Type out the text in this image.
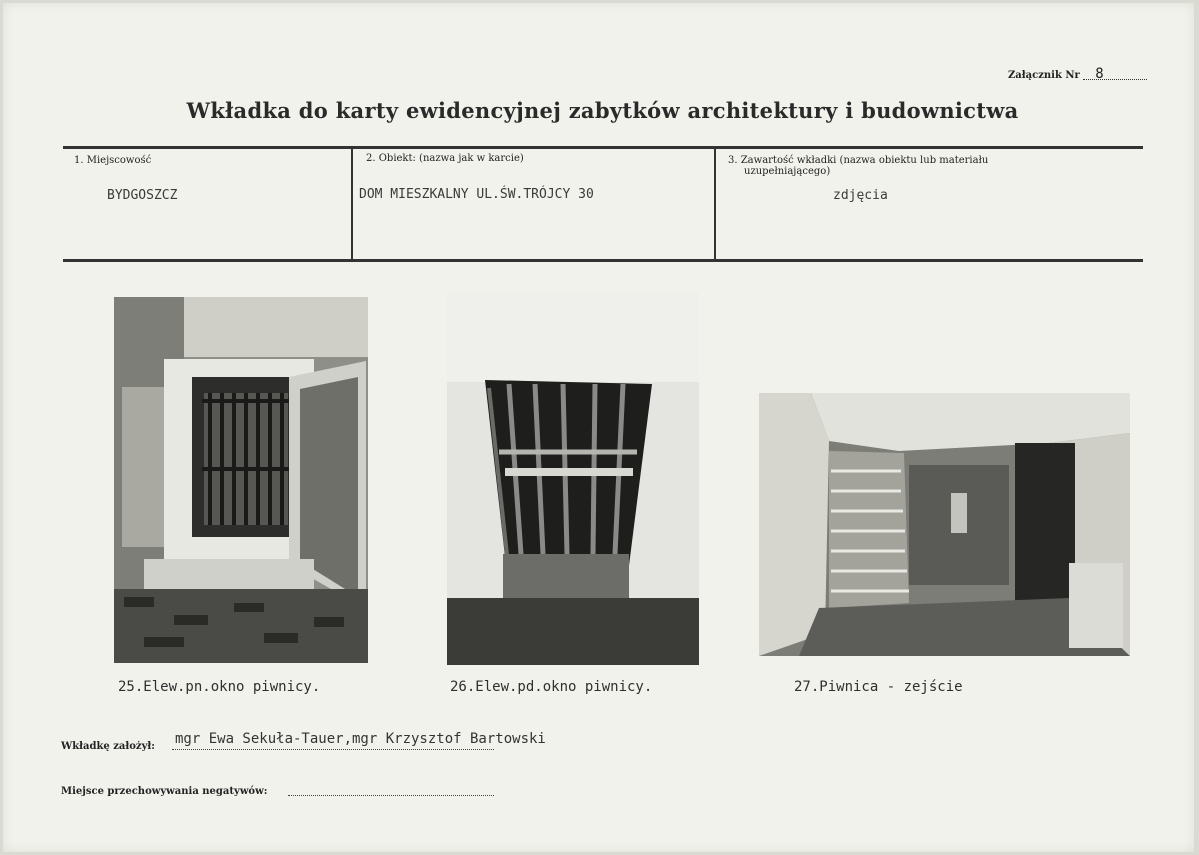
Załącznik Nr 8
Wkładka do karty ewidencyjnej zabytków architektury i budownictwa
1. Miejscowość
BYDGOSZCZ
2. Obiekt: (nazwa jak w karcie)
DOM MIESZKALNY UL.ŚW.TRÓJCY 30
3. Zawartość wkładki (nazwa obiektu lub materiału
uzupełniającego)
zdjęcia
25.Elew.pn.okno piwnicy.	26.Elew.pd.okno piwnicy.	27.Piwnica - zejście
Wkładkę założył: mgr Ewa Sekuła-Tauer,mgr Krzysztof Bartowski
Miejsce przechowywania negatywów:
